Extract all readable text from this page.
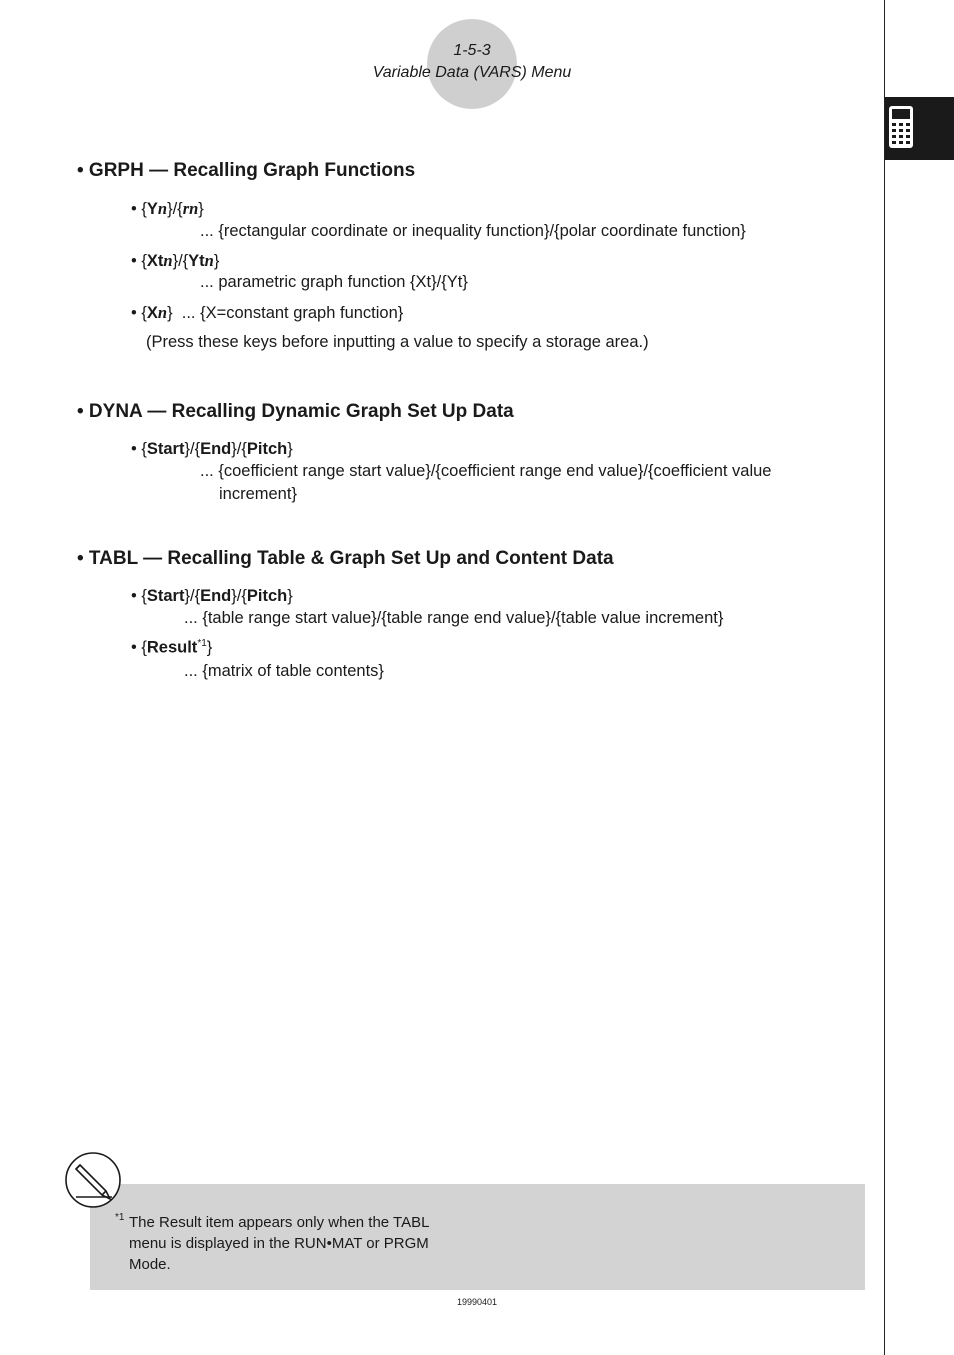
1-5-3
Variable Data (VARS) Menu
• GRPH — Recalling Graph Functions
• {Yn}/{rn}
... {rectangular coordinate or inequality function}/{polar coordinate function}
• {Xtn}/{Ytn}
... parametric graph function {Xt}/{Yt}
• {Xn} ... {X=constant graph function}
(Press these keys before inputting a value to specify a storage area.)
• DYNA — Recalling Dynamic Graph Set Up Data
• {Start}/{End}/{Pitch}
... {coefficient range start value}/{coefficient range end value}/{coefficient value
increment}
• TABL — Recalling Table & Graph Set Up and Content Data
• {Start}/{End}/{Pitch}
... {table range start value}/{table range end value}/{table value increment}
• {Result$^{*1}$}
... {matrix of table contents}
*1 The Result item appears only when the TABL
menu is displayed in the RUN•MAT or PRGM
Mode.
19990401
